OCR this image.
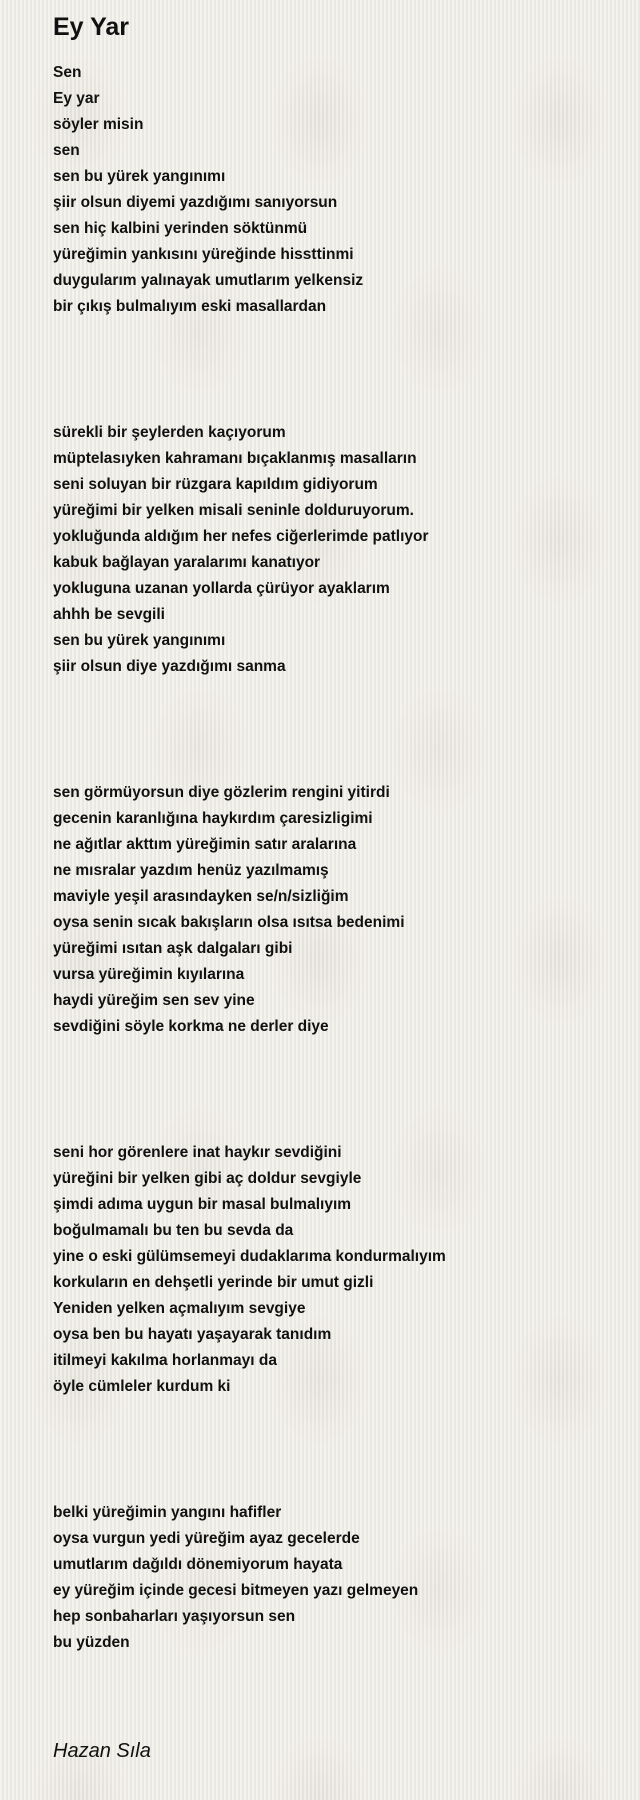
Ey Yar
Sen
Ey yar
söyler misin
sen
sen bu yürek yangınımı
şiir olsun diyemi yazdığımı sanıyorsun
sen hiç kalbini yerinden söktünmü
yüreğimin yankısını yüreğinde hissttinmi
duygularım yalınayak umutlarım yelkensiz
bir çıkış bulmalıyım eski masallardan
sürekli bir şeylerden kaçıyorum
müptelasıyken kahramanı bıçaklanmış masalların
seni soluyan bir rüzgara kapıldım gidiyorum
yüreğimi bir yelken misali seninle dolduruyorum.
yokluğunda aldığım her nefes ciğerlerimde patlıyor
kabuk bağlayan yaralarımı kanatıyor
yokluguna uzanan yollarda çürüyor ayaklarım
ahhh be sevgili
sen bu yürek yangınımı
şiir olsun diye yazdığımı sanma
sen görmüyorsun diye gözlerim rengini yitirdi
gecenin karanlığına haykırdım çaresizligimi
ne ağıtlar akttım yüreğimin satır aralarına
ne mısralar yazdım henüz yazılmamış
maviyle yeşil arasındayken se/n/sizliğim
oysa senin sıcak bakışların olsa ısıtsa bedenimi
yüreğimi ısıtan aşk dalgaları gibi
vursa yüreğimin kıyılarına
haydi yüreğim sen sev yine
sevdiğini söyle korkma ne derler diye
seni hor görenlere inat haykır sevdiğini
yüreğini bir yelken gibi aç doldur sevgiyle
şimdi adıma uygun bir masal bulmalıyım
boğulmamalı bu ten bu sevda da
yine o eski gülümsemeyi dudaklarıma kondurmalıyım
korkuların en dehşetli yerinde bir umut gizli
Yeniden yelken açmalıyım sevgiye
oysa ben bu hayatı yaşayarak tanıdım
itilmeyi kakılma horlanmayı da
öyle cümleler kurdum ki
belki yüreğimin yangını hafifler
oysa vurgun yedi yüreğim ayaz gecelerde
umutlarım dağıldı dönemiyorum hayata
ey yüreğim içinde gecesi bitmeyen yazı gelmeyen
hep sonbaharları yaşıyorsun sen
bu yüzden
Hazan Sıla
